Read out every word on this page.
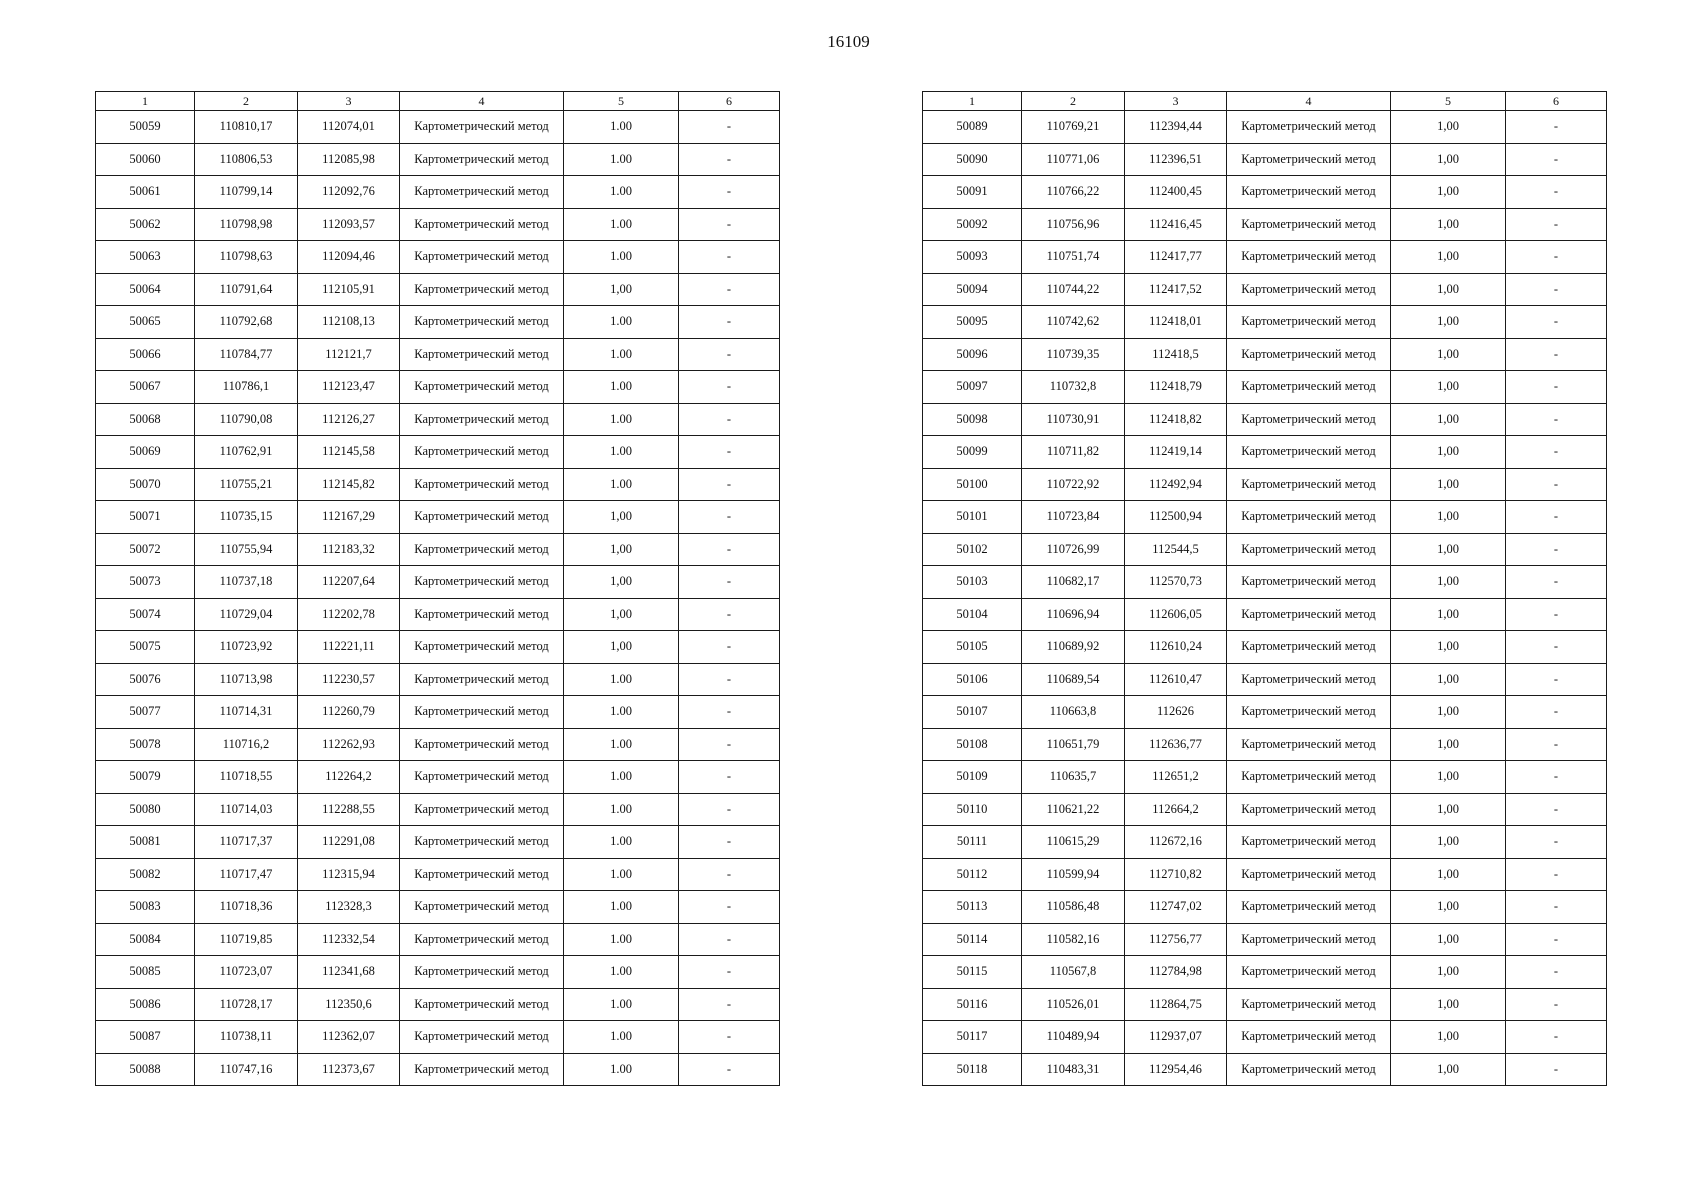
16109
1	2	3	4	5	6
50059	110810,17	112074,01	Картометрический метод	1.00	-
50060	110806,53	112085,98	Картометрический метод	1.00	-
50061	110799,14	112092,76	Картометрический метод	1.00	-
50062	110798,98	112093,57	Картометрический метод	1.00	-
50063	110798,63	112094,46	Картометрический метод	1.00	-
50064	110791,64	112105,91	Картометрический метод	1,00	-
50065	110792,68	112108,13	Картометрический метод	1.00	-
50066	110784,77	112121,7	Картометрический метод	1.00	-
50067	110786,1	112123,47	Картометрический метод	1.00	-
50068	110790,08	112126,27	Картометрический метод	1.00	-
50069	110762,91	112145,58	Картометрический метод	1.00	-
50070	110755,21	112145,82	Картометрический метод	1.00	-
50071	110735,15	112167,29	Картометрический метод	1,00	-
50072	110755,94	112183,32	Картометрический метод	1,00	-
50073	110737,18	112207,64	Картометрический метод	1,00	-
50074	110729,04	112202,78	Картометрический метод	1,00	-
50075	110723,92	112221,11	Картометрический метод	1,00	-
50076	110713,98	112230,57	Картометрический метод	1.00	-
50077	110714,31	112260,79	Картометрический метод	1.00	-
50078	110716,2	112262,93	Картометрический метод	1.00	-
50079	110718,55	112264,2	Картометрический метод	1.00	-
50080	110714,03	112288,55	Картометрический метод	1.00	-
50081	110717,37	112291,08	Картометрический метод	1.00	-
50082	110717,47	112315,94	Картометрический метод	1.00	-
50083	110718,36	112328,3	Картометрический метод	1.00	-
50084	110719,85	112332,54	Картометрический метод	1.00	-
50085	110723,07	112341,68	Картометрический метод	1.00	-
50086	110728,17	112350,6	Картометрический метод	1.00	-
50087	110738,11	112362,07	Картометрический метод	1.00	-
50088	110747,16	112373,67	Картометрический метод	1.00	-
1	2	3	4	5	6
50089	110769,21	112394,44	Картометрический метод	1,00	-
50090	110771,06	112396,51	Картометрический метод	1,00	-
50091	110766,22	112400,45	Картометрический метод	1,00	-
50092	110756,96	112416,45	Картометрический метод	1,00	-
50093	110751,74	112417,77	Картометрический метод	1,00	-
50094	110744,22	112417,52	Картометрический метод	1,00	-
50095	110742,62	112418,01	Картометрический метод	1,00	-
50096	110739,35	112418,5	Картометрический метод	1,00	-
50097	110732,8	112418,79	Картометрический метод	1,00	-
50098	110730,91	112418,82	Картометрический метод	1,00	-
50099	110711,82	112419,14	Картометрический метод	1,00	-
50100	110722,92	112492,94	Картометрический метод	1,00	-
50101	110723,84	112500,94	Картометрический метод	1,00	-
50102	110726,99	112544,5	Картометрический метод	1,00	-
50103	110682,17	112570,73	Картометрический метод	1,00	-
50104	110696,94	112606,05	Картометрический метод	1,00	-
50105	110689,92	112610,24	Картометрический метод	1,00	-
50106	110689,54	112610,47	Картометрический метод	1,00	-
50107	110663,8	112626	Картометрический метод	1,00	-
50108	110651,79	112636,77	Картометрический метод	1,00	-
50109	110635,7	112651,2	Картометрический метод	1,00	-
50110	110621,22	112664,2	Картометрический метод	1,00	-
50111	110615,29	112672,16	Картометрический метод	1,00	-
50112	110599,94	112710,82	Картометрический метод	1,00	-
50113	110586,48	112747,02	Картометрический метод	1,00	-
50114	110582,16	112756,77	Картометрический метод	1,00	-
50115	110567,8	112784,98	Картометрический метод	1,00	-
50116	110526,01	112864,75	Картометрический метод	1,00	-
50117	110489,94	112937,07	Картометрический метод	1,00	-
50118	110483,31	112954,46	Картометрический метод	1,00	-
